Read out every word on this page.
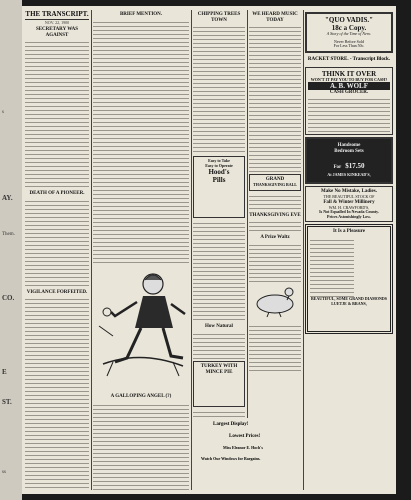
s
AY.
Them.
CO.
E
ST.
ss
THE TRANSCRIPT.
NOV. 22, 1900
SECRETARY WAS AGAINST
DEATH OF A PIONEER.
VIGILANCE FORFEITED.
BRIEF MENTION.
A GALLOPING ANGEL (?)
CHIPPING TREES TOWN
Easy to Take
Easy to Operate
Hood's
Pills
How Natural
TURKEY WITH
MINCE PIE
WE HEARD MUSIC TODAY
GRAND
THANKSGIVING BALL
THANKSGIVING EVE
A Prize Waltz
Largest Display!
Lowest Prices!
Miss Eleanor E. Hoch's
Watch Our Windows for Bargains.
"QUO VADIS."
18c a Copy.
A Story of the Time of Nero.
Never Before Sold
For Less Than 50c.
RACKET STORE. - Transcript Block.
THINK IT OVER
WON'T IT PAY YOU TO BUY FOR CASH?
A. B. WOLF
CASH GROCER.
Handsome
Bedroom Sets
For $17.50
At JAMES KINKEAD'S,
Make No Mistake, Ladies.
THE BEAUTIFUL STOCK OF
Fall & Winter Millinery
WM. H. CRAWFORD'S,
Is Not Equalled In Nevada County.
Prices Astonishingly Low.
It Is a Pleasure
BEAUTIFUL, SOME GRAND DIAMONDS
LUETJE & BRANS,
